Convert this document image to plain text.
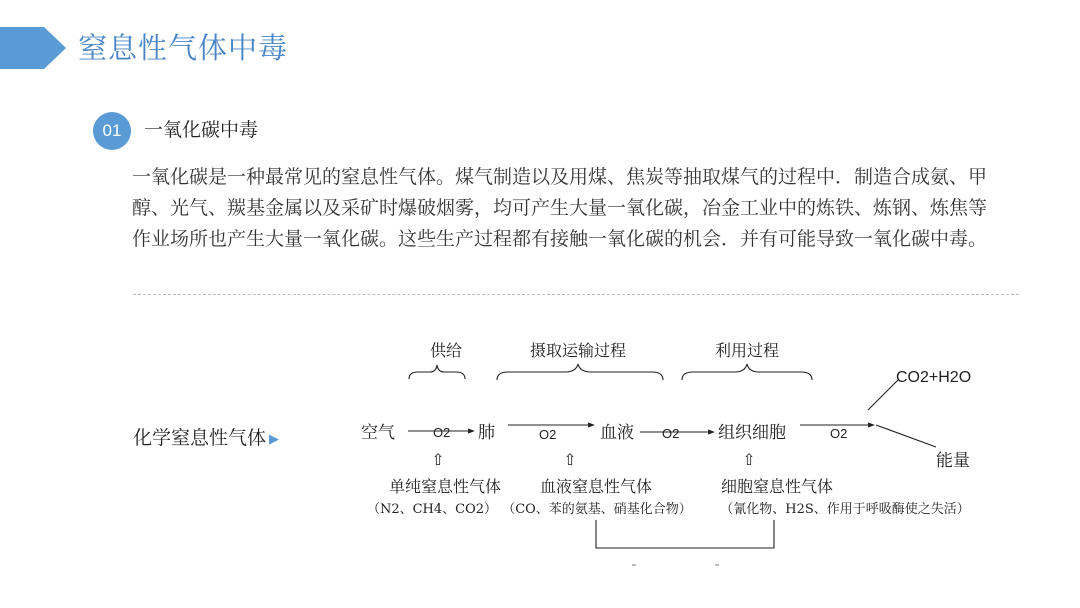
窒息性气体中毒
01	一氧化碳中毒

一氧化碳是一种最常见的窒息性气体。煤气制造以及用煤、焦炭等抽取煤气的过程中．制造合成氨、甲醇、光气、羰基金属以及采矿时爆破烟雾，均可产生大量一氧化碳，冶金工业中的炼铁、炼钢、炼焦等作业场所也产生大量一氧化碳。这些生产过程都有接触一氧化碳的机会．并有可能导致一氧化碳中毒。

化学窒息性气体 ▶
供给	摄取运输过程	利用过程
空气	肺	血液	组织细胞
O2	O2	O2	O2
CO2+H2O
能量
⇧	⇧	⇧
单纯窒息性气体
（N2、CH4、CO2）
血液窒息性气体
（CO、苯的氨基、硝基化合物）
细胞窒息性气体
（氰化物、H2S、作用于呼吸酶使之失活）
